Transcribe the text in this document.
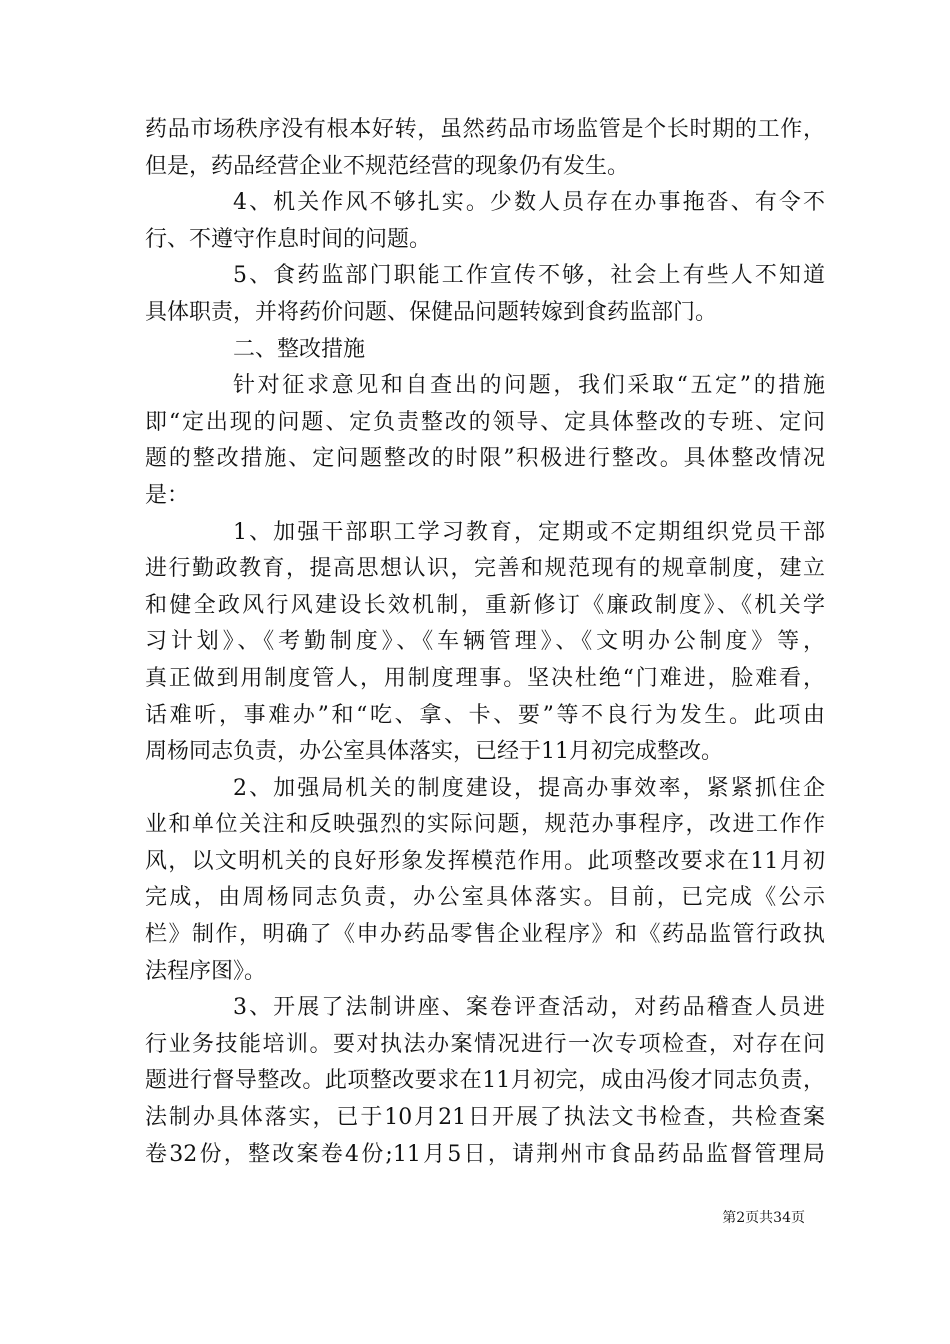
药品市场秩序没有根本好转，虽然药品市场监管是个长时期的工作，
但是，药品经营企业不规范经营的现象仍有发生。
4、机关作风不够扎实。少数人员存在办事拖沓、有令不
行、不遵守作息时间的问题。
5、食药监部门职能工作宣传不够，社会上有些人不知道
具体职责，并将药价问题、保健品问题转嫁到食药监部门。
二、整改措施
针对征求意见和自查出的问题，我们采取“五定”的措施
即“定出现的问题、定负责整改的领导、定具体整改的专班、定问
题的整改措施、定问题整改的时限”积极进行整改。具体整改情况
是：
1、加强干部职工学习教育，定期或不定期组织党员干部
进行勤政教育，提高思想认识，完善和规范现有的规章制度，建立
和健全政风行风建设长效机制，重新修订《廉政制度》、《机关学
习计划》、《考勤制度》、《车辆管理》、《文明办公制度》等，
真正做到用制度管人，用制度理事。坚决杜绝“门难进，脸难看，
话难听，事难办”和“吃、拿、卡、要”等不良行为发生。此项由
周杨同志负责，办公室具体落实，已经于11月初完成整改。
2、加强局机关的制度建设，提高办事效率，紧紧抓住企
业和单位关注和反映强烈的实际问题，规范办事程序，改进工作作
风，以文明机关的良好形象发挥模范作用。此项整改要求在11月初
完成，由周杨同志负责，办公室具体落实。目前，已完成《公示
栏》制作，明确了《申办药品零售企业程序》和《药品监管行政执
法程序图》。
3、开展了法制讲座、案卷评查活动，对药品稽查人员进
行业务技能培训。要对执法办案情况进行一次专项检查，对存在问
题进行督导整改。此项整改要求在11月初完，成由冯俊才同志负责，
法制办具体落实，已于10月21日开展了执法文书检查，共检查案
卷32份，整改案卷4份;11月5日，请荆州市食品药品监督管理局
第2页共34页
